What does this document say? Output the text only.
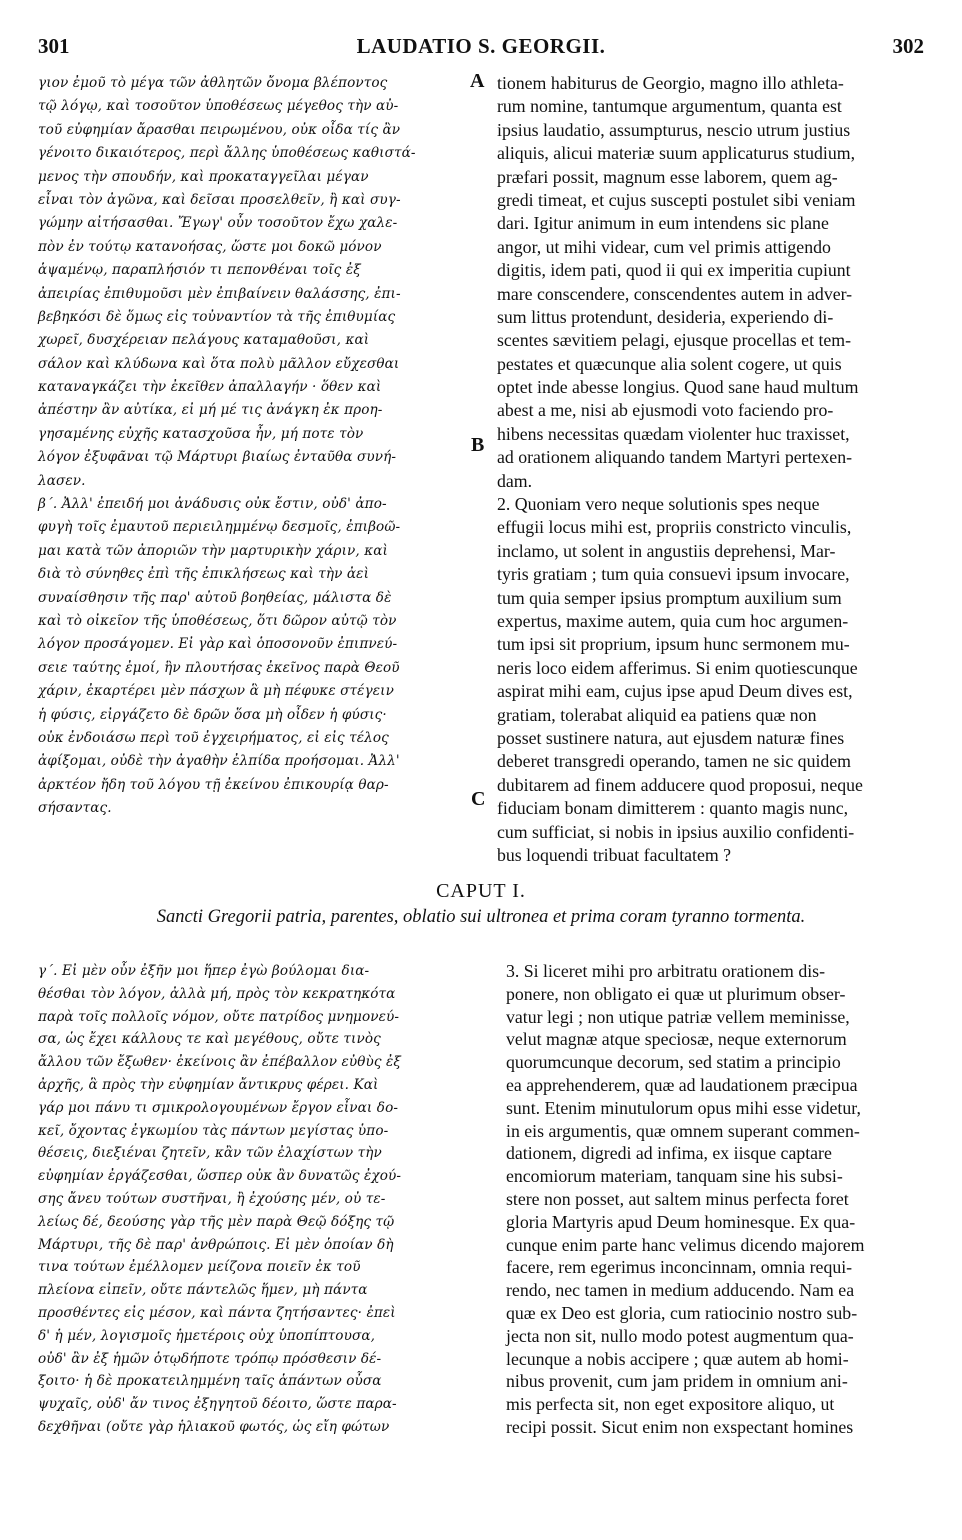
301	LAUDATIO S. GEORGII.	302
A
B
C
γιον ἐμοῦ τὸ μέγα τῶν ἀθλητῶν ὄνομα βλέποντος
τῷ λόγῳ, καὶ τοσοῦτον ὑποθέσεως μέγεθος τὴν αὐ-
τοῦ εὐφημίαν ἄρασθαι πειρωμένου, οὐκ οἶδα τίς ἂν
γένοιτο δικαιότερος, περὶ ἄλλης ὑποθέσεως καθιστά-
μενος τὴν σπουδήν, καὶ προκαταγγεῖλαι μέγαν
εἶναι τὸν ἀγῶνα, καὶ δεῖσαι προσελθεῖν, ἢ καὶ συγ-
γώμην αἰτήσασθαι. Ἔγωγ' οὖν τοσοῦτον ἔχω χαλε-
πὸν ἐν τούτῳ κατανοήσας, ὥστε μοι δοκῶ μόνον
ἁψαμένῳ, παραπλήσιόν τι πεπονθέναι τοῖς ἐξ
ἀπειρίας ἐπιθυμοῦσι μὲν ἐπιβαίνειν θαλάσσης, ἐπι-
βεβηκόσι δὲ ὅμως εἰς τοὐναντίον τὰ τῆς ἐπιθυμίας
χωρεῖ, δυσχέρειαν πελάγους καταμαθοῦσι, καὶ
σάλον καὶ κλύδωνα καὶ ὅτα πολὺ μᾶλλον εὔχεσθαι
καταναγκάζει τὴν ἐκεῖθεν ἀπαλλαγήν · ὅθεν καὶ
ἀπέστην ἂν αὐτίκα, εἰ μή μέ τις ἀνάγκη ἐκ προη-
γησαμένης εὐχῆς κατασχοῦσα ἦν, μή ποτε τὸν
λόγον ἐξυφᾶναι τῷ Μάρτυρι βιαίως ἐνταῦθα συνή-
λασεν.
β΄. Ἀλλ' ἐπειδή μοι ἀνάδυσις οὐκ ἔστιν, οὐδ' ἀπο-
φυγὴ τοῖς ἐμαυτοῦ περιειλημμένῳ δεσμοῖς, ἐπιβοῶ-
μαι κατὰ τῶν ἀποριῶν τὴν μαρτυρικὴν χάριν, καὶ
διὰ τὸ σύνηθες ἐπὶ τῆς ἐπικλήσεως καὶ τὴν ἀεὶ
συναίσθησιν τῆς παρ' αὐτοῦ βοηθείας, μάλιστα δὲ
καὶ τὸ οἰκεῖον τῆς ὑποθέσεως, ὅτι δῶρον αὐτῷ τὸν
λόγον προσάγομεν. Εἰ γὰρ καὶ ὁποσονοῦν ἐπιπνεύ-
σειε ταύτης ἐμοί, ἣν πλουτήσας ἐκεῖνος παρὰ Θεοῦ
χάριν, ἐκαρτέρει μὲν πάσχων ἃ μὴ πέφυκε στέγειν
ἡ φύσις, εἰργάζετο δὲ δρῶν ὅσα μὴ οἶδεν ἡ φύσις·
οὐκ ἐνδοιάσω περὶ τοῦ ἐγχειρήματος, εἰ εἰς τέλος
ἀφίξομαι, οὐδὲ τὴν ἀγαθὴν ἐλπίδα προήσομαι. Ἀλλ'
ἀρκτέον ἤδη τοῦ λόγου τῇ ἐκείνου ἐπικουρίᾳ θαρ-
σήσαντας.
tionem habiturus de Georgio, magno illo athleta-
rum nomine, tantumque argumentum, quanta est
ipsius laudatio, assumpturus, nescio utrum justius
aliquis, alicui materiæ suum applicaturus studium,
præfari possit, magnum esse laborem, quem ag-
gredi timeat, et cujus suscepti postulet sibi veniam
dari. Igitur animum in eum intendens sic plane
angor, ut mihi videar, cum vel primis attigendo
digitis, idem pati, quod ii qui ex imperitia cupiunt
mare conscendere, conscendentes autem in adver-
sum littus protendunt, desideria, experiendo di-
scentes sævitiem pelagi, ejusque procellas et tem-
pestates et quæcunque alia solent cogere, ut quis
optet inde abesse longius. Quod sane haud multum
abest a me, nisi ab ejusmodi voto faciendo pro-
hibens necessitas quædam violenter huc traxisset,
ad orationem aliquando tandem Martyri pertexen-
dam.
2. Quoniam vero neque solutionis spes neque
effugii locus mihi est, propriis constricto vinculis,
inclamo, ut solent in angustiis deprehensi, Mar-
tyris gratiam ; tum quia consuevi ipsum invocare,
tum quia semper ipsius promptum auxilium sum
expertus, maxime autem, quia cum hoc argumen-
tum ipsi sit proprium, ipsum hunc sermonem mu-
neris loco eidem afferimus. Si enim quotiescunque
aspirat mihi eam, cujus ipse apud Deum dives est,
gratiam, tolerabat aliquid ea patiens quæ non
posset sustinere natura, aut ejusdem naturæ fines
deberet transgredi operando, tamen ne sic quidem
dubitarem ad finem adducere quod proposui, neque
fiduciam bonam dimitterem : quanto magis nunc,
cum sufficiat, si nobis in ipsius auxilio confidenti-
bus loquendi tribuat facultatem ?
CAPUT I.
Sancti Gregorii patria, parentes, oblatio sui ultronea et prima coram tyranno tormenta.
γ΄. Εἰ μὲν οὖν ἐξῆν μοι ἥπερ ἐγὼ βούλομαι δια-
θέσθαι τὸν λόγον, ἀλλὰ μή, πρὸς τὸν κεκρατηκότα
παρὰ τοῖς πολλοῖς νόμον, οὔτε πατρίδος μνημονεύ-
σα, ὡς ἔχει κάλλους τε καὶ μεγέθους, οὔτε τινὸς
ἄλλου τῶν ἔξωθεν· ἐκείνοις ἂν ἐπέβαλλον εὐθὺς ἐξ
ἀρχῆς, ἃ πρὸς τὴν εὐφημίαν ἄντικρυς φέρει. Καὶ
γάρ μοι πάνυ τι σμικρολογουμένων ἔργον εἶναι δο-
κεῖ, ὄχοντας ἐγκωμίου τὰς πάντων μεγίστας ὑπο-
θέσεις, διεξιέναι ζητεῖν, κἂν τῶν ἐλαχίστων τὴν
εὐφημίαν ἐργάζεσθαι, ὥσπερ οὐκ ἂν δυνατῶς ἐχού-
σης ἄνευ τούτων συστῆναι, ἢ ἐχούσης μέν, οὐ τε-
λείως δέ, δεούσης γὰρ τῆς μὲν παρὰ Θεῷ δόξης τῷ
Μάρτυρι, τῆς δὲ παρ' ἀνθρώποις. Εἰ μὲν ὁποίαν δὴ
τινα τούτων ἐμέλλομεν μείζονα ποιεῖν ἐκ τοῦ
πλείονα εἰπεῖν, οὔτε πάντελῶς ἥμεν, μὴ πάντα
προσθέντες εἰς μέσον, καὶ πάντα ζητήσαντες· ἐπεὶ
δ' ἡ μέν, λογισμοῖς ἡμετέροις οὐχ ὑποπίπτουσα,
οὐδ' ἂν ἐξ ἡμῶν ὁτῳδήποτε τρόπῳ πρόσθεσιν δέ-
ξοιτο· ἡ δὲ προκατειλημμένη ταῖς ἁπάντων οὖσα
ψυχαῖς, οὐδ' ἄν τινος ἐξηγητοῦ δέοιτο, ὥστε παρα-
δεχθῆναι (οὔτε γὰρ ἡλιακοῦ φωτός, ὡς εἴη φώτων
3. Si liceret mihi pro arbitratu orationem dis-
ponere, non obligato ei quæ ut plurimum obser-
vatur legi ; non utique patriæ vellem meminisse,
velut magnæ atque speciosæ, neque externorum
quorumcunque decorum, sed statim a principio
ea apprehenderem, quæ ad laudationem præcipua
sunt. Etenim minutulorum opus mihi esse videtur,
in eis argumentis, quæ omnem superant commen-
dationem, digredi ad infima, ex iisque captare
encomiorum materiam, tanquam sine his subsi-
stere non posset, aut saltem minus perfecta foret
gloria Martyris apud Deum hominesque. Ex qua-
cunque enim parte hanc velimus dicendo majorem
facere, rem egerimus inconcinnam, omnia requi-
rendo, nec tamen in medium adducendo. Nam ea
quæ ex Deo est gloria, cum ratiocinio nostro sub-
jecta non sit, nullo modo potest augmentum qua-
lecunque a nobis accipere ; quæ autem ab homi-
nibus provenit, cum jam pridem in omnium ani-
mis perfecta sit, non eget expositore aliquo, ut
recipi possit. Sicut enim non exspectant homines
